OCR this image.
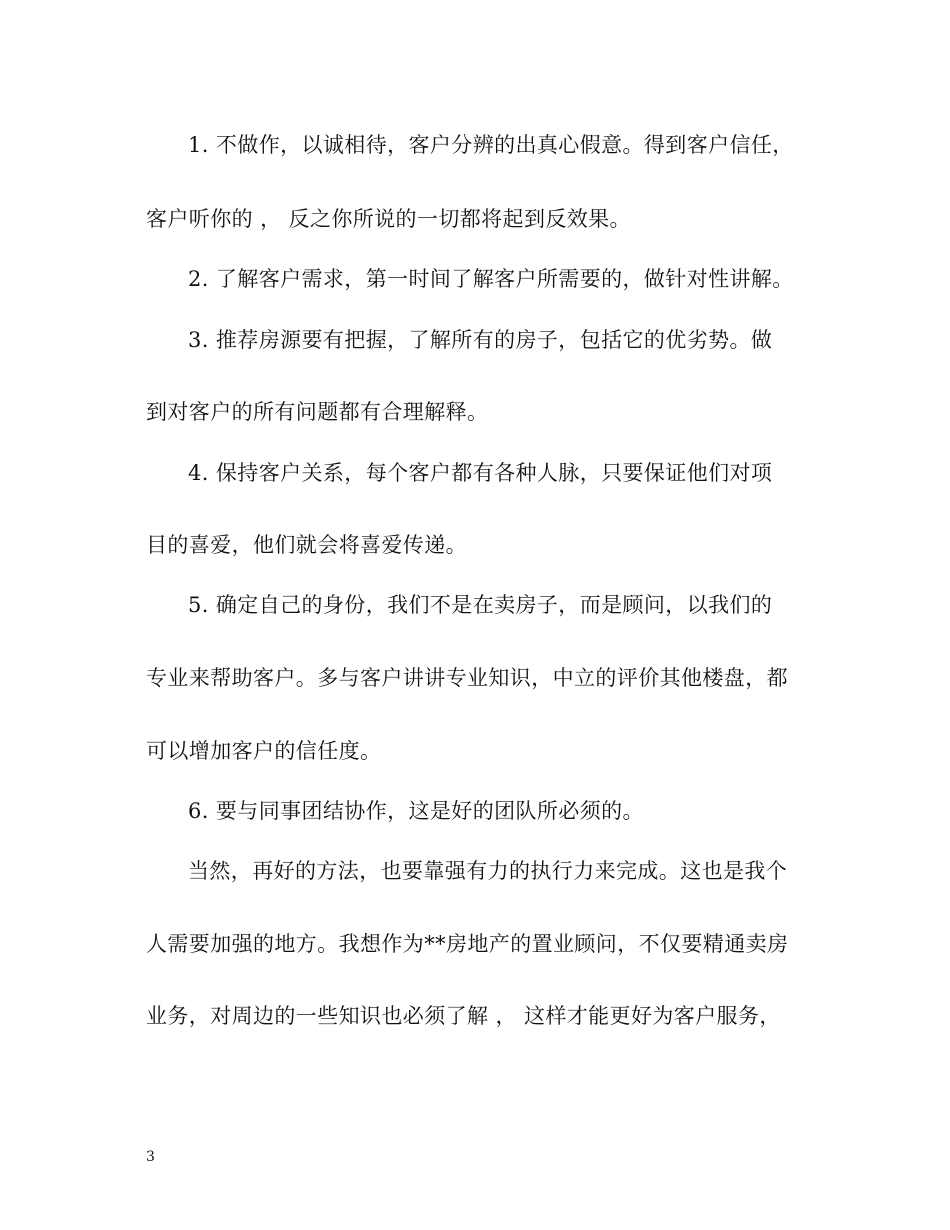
1. 不做作，以诚相待，客户分辨的出真心假意。得到客户信任，
客户听你的 ， 反之你所说的一切都将起到反效果。
2. 了解客户需求，第一时间了解客户所需要的，做针对性讲解。
3. 推荐房源要有把握，了解所有的房子，包括它的优劣势。做
到对客户的所有问题都有合理解释。
4. 保持客户关系，每个客户都有各种人脉，只要保证他们对项
目的喜爱，他们就会将喜爱传递。
5. 确定自己的身份，我们不是在卖房子，而是顾问，以我们的
专业来帮助客户。多与客户讲讲专业知识，中立的评价其他楼盘，都
可以增加客户的信任度。
6. 要与同事团结协作，这是好的团队所必须的。
当然，再好的方法，也要靠强有力的执行力来完成。这也是我个
人需要加强的地方。我想作为**房地产的置业顾问，不仅要精通卖房
业务，对周边的一些知识也必须了解 ， 这样才能更好为客户服务，
3
